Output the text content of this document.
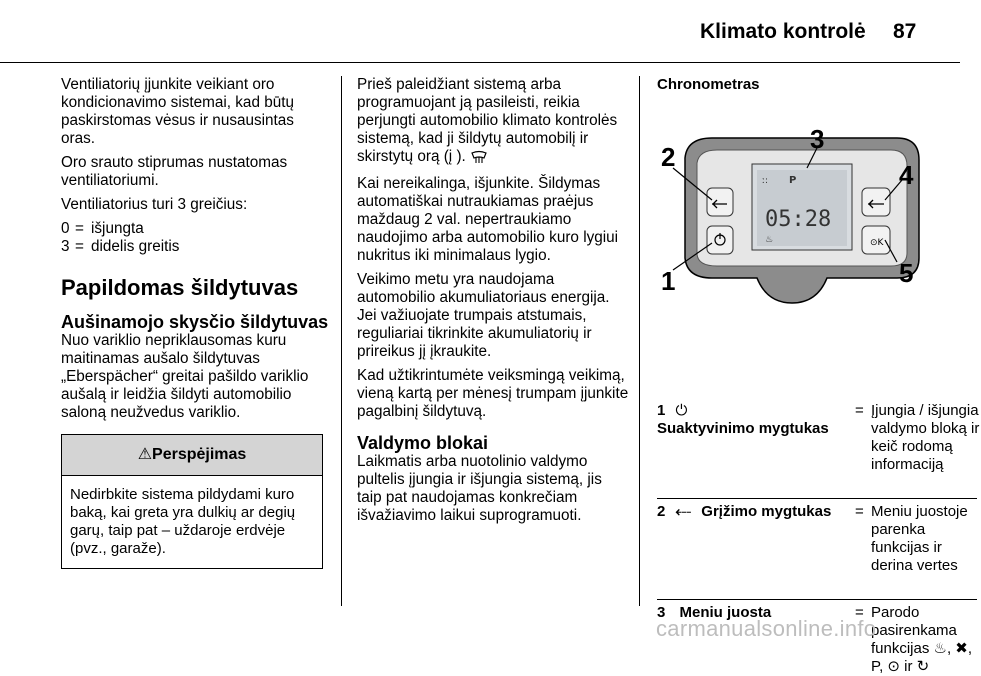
Klimato kontrolė 87

Ventiliatorių įjunkite veikiant oro kondicionavimo sistemai, kad būtų paskirstomas vėsus ir nusausintas oras.

Oro srauto stiprumas nustatomas ventiliatoriumi.

Ventiliatorius turi 3 greičius:

0 = išjungta
3 = didelis greitis
Papildomas šildytuvas
Aušinamojo skysčio šildytuvas

Nuo variklio nepriklausomas kuru maitinamas aušalo šildytuvas „Eberspächer“ greitai pašildo variklio aušalą ir leidžia šildyti automobilio saloną neužvedus variklio.

⚠ Perspėjimas
Nedirbkite sistema pildydami kuro baką, kai greta yra dulkių ar degių garų, taip pat – uždaroje erdvėje (pvz., garaže).

Prieš paleidžiant sistemą arba programuojant ją pasileisti, reikia perjungti automobilio klimato kontrolės sistemą, kad ji šildytų automobilį ir skirstytų orą (į ).

Kai nereikalinga, išjunkite. Šildymas automatiškai nutraukiamas praėjus maždaug 2 val. nepertraukiamo naudojimo arba automobilio kuro lygiui nukritus iki minimalaus lygio.

Veikimo metu yra naudojama automobilio akumuliatoriaus energija. Jei važiuojate trumpais atstumais, reguliariai tikrinkite akumuliatorių ir prireikus jį įkraukite.

Kad užtikrintumėte veiksmingą veikimą, vieną kartą per mėnesį trumpam įjunkite pagalbinį šildytuvą.

Valdymo blokai

Laikmatis arba nuotolinio valdymo pultelis įjungia ir išjungia sistemą, jis taip pat naudojamas konkrečiam išvažiavimo laikui suprogramuoti.

Chronometras
ː: P
05:28
♨	⊙K
2
1
3
4
5
1 ⏻
Suaktyvinimo mygtukas
= Įjungia / išjungia valdymo bloką ir keič rodomą informaciją
2 ⤎ Grįžimo mygtukas = Meniu juostoje parenka funkcijas ir derina vertes
3 Meniu juosta	= Parodo pasirenkama funkcijas ♨, ✖, P, ⊙ ir ↻
carmanualsonline.info
